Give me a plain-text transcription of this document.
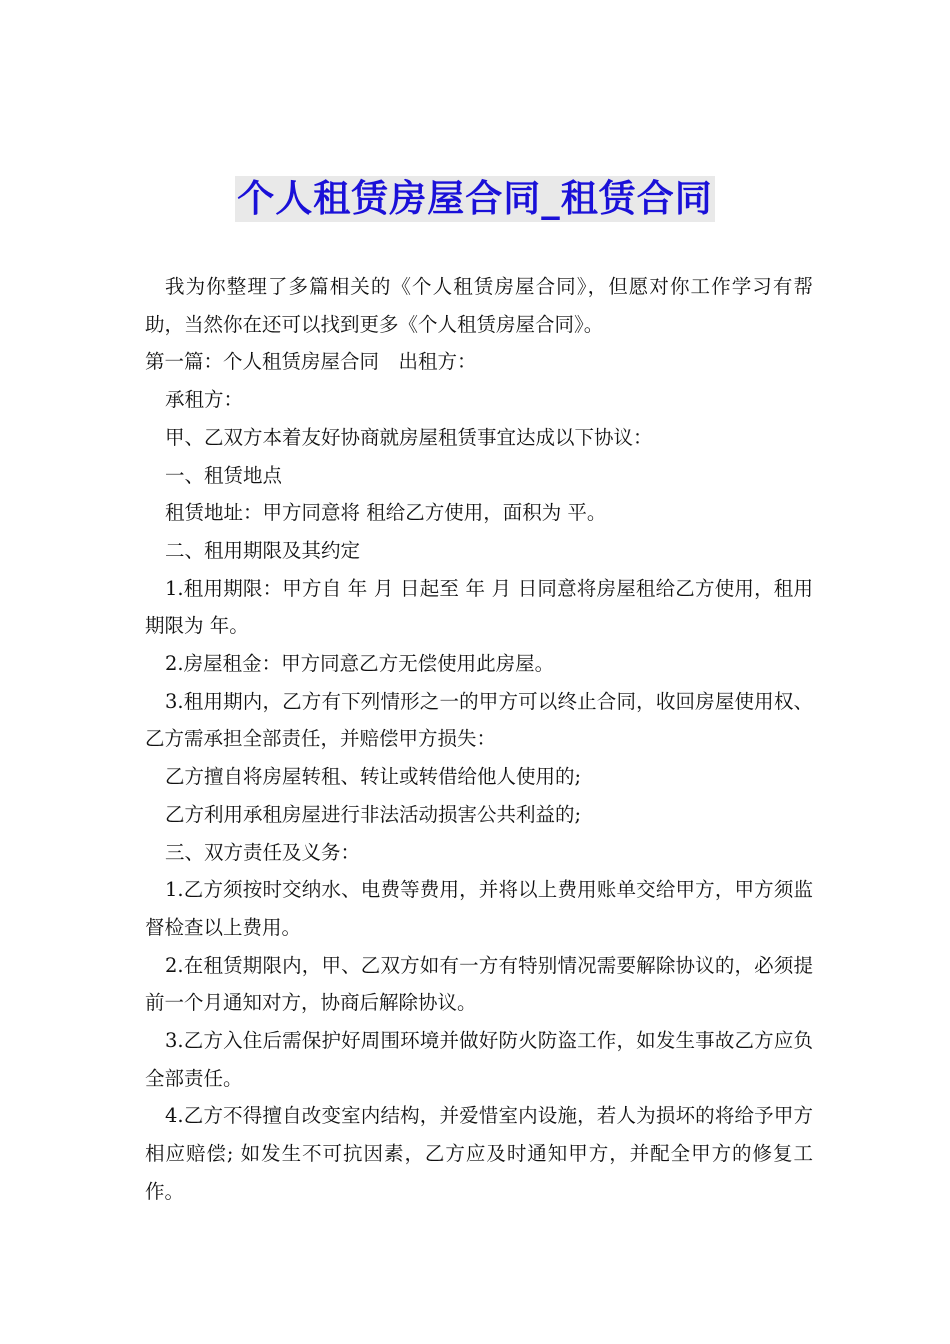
个人租赁房屋合同_租赁合同

我为你整理了多篇相关的《个人租赁房屋合同》，但愿对你工作学习有帮助，当然你在还可以找到更多《个人租赁房屋合同》。

第一篇：个人租赁房屋合同　出租方：

承租方：

甲、乙双方本着友好协商就房屋租赁事宜达成以下协议：

一、租赁地点

租赁地址：甲方同意将 租给乙方使用，面积为 平。

二、租用期限及其约定

1.租用期限：甲方自 年 月 日起至 年 月 日同意将房屋租给乙方使用，租用期限为 年。

2.房屋租金：甲方同意乙方无偿使用此房屋。

3.租用期内，乙方有下列情形之一的甲方可以终止合同，收回房屋使用权、乙方需承担全部责任，并赔偿甲方损失：

乙方擅自将房屋转租、转让或转借给他人使用的;

乙方利用承租房屋进行非法活动损害公共利益的;

三、双方责任及义务：

1.乙方须按时交纳水、电费等费用，并将以上费用账单交给甲方，甲方须监督检查以上费用。

2.在租赁期限内，甲、乙双方如有一方有特别情况需要解除协议的，必须提前一个月通知对方，协商后解除协议。

3.乙方入住后需保护好周围环境并做好防火防盗工作，如发生事故乙方应负全部责任。

4.乙方不得擅自改变室内结构，并爱惜室内设施，若人为损坏的将给予甲方相应赔偿; 如发生不可抗因素，乙方应及时通知甲方，并配全甲方的修复工作。
